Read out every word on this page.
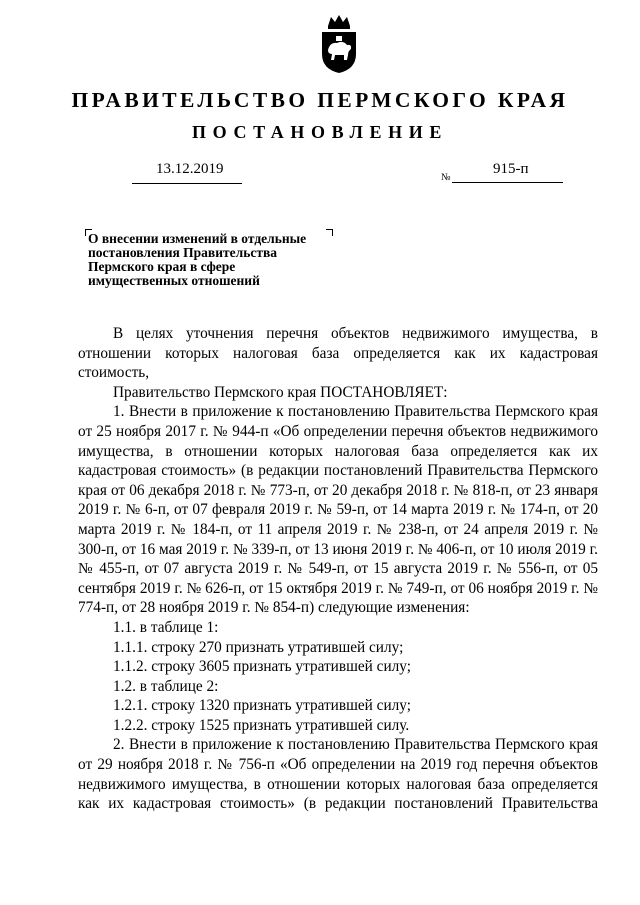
ПРАВИТЕЛЬСТВО ПЕРМСКОГО КРАЯ
ПОСТАНОВЛЕНИЕ
13.12.2019
№
915-п
О внесении изменений в отдельные
постановления Правительства
Пермского края в сфере
имущественных отношений

В целях уточнения перечня объектов недвижимого имущества, в отношении которых налоговая база определяется как их кадастровая стоимость,

Правительство Пермского края ПОСТАНОВЛЯЕТ:

1. Внести в приложение к постановлению Правительства Пермского края от 25 ноября 2017 г. № 944-п «Об определении перечня объектов недвижимого имущества, в отношении которых налоговая база определяется как их кадастровая стоимость» (в редакции постановлений Правительства Пермского края от 06 декабря 2018 г. № 773-п, от 20 декабря 2018 г. № 818-п, от 23 января 2019 г. № 6-п, от 07 февраля 2019 г. № 59-п, от 14 марта 2019 г. № 174-п, от 20 марта 2019 г. № 184-п, от 11 апреля 2019 г. № 238-п, от 24 апреля 2019 г. № 300-п, от 16 мая 2019 г. № 339-п, от 13 июня 2019 г. № 406-п, от 10 июля 2019 г. № 455-п, от 07 августа 2019 г. № 549-п, от 15 августа 2019 г. № 556-п, от 05 сентября 2019 г. № 626-п, от 15 октября 2019 г. № 749-п, от 06 ноября 2019 г. № 774-п, от 28 ноября 2019 г. № 854-п) следующие изменения:

1.1. в таблице 1:

1.1.1. строку 270 признать утратившей силу;

1.1.2. строку 3605 признать утратившей силу;

1.2. в таблице 2:

1.2.1. строку 1320 признать утратившей силу;

1.2.2. строку 1525 признать утратившей силу.

2. Внести в приложение к постановлению Правительства Пермского края от 29 ноября 2018 г. № 756-п «Об определении на 2019 год перечня объектов недвижимого имущества, в отношении которых налоговая база определяется как их кадастровая стоимость» (в редакции постановлений Правительства
